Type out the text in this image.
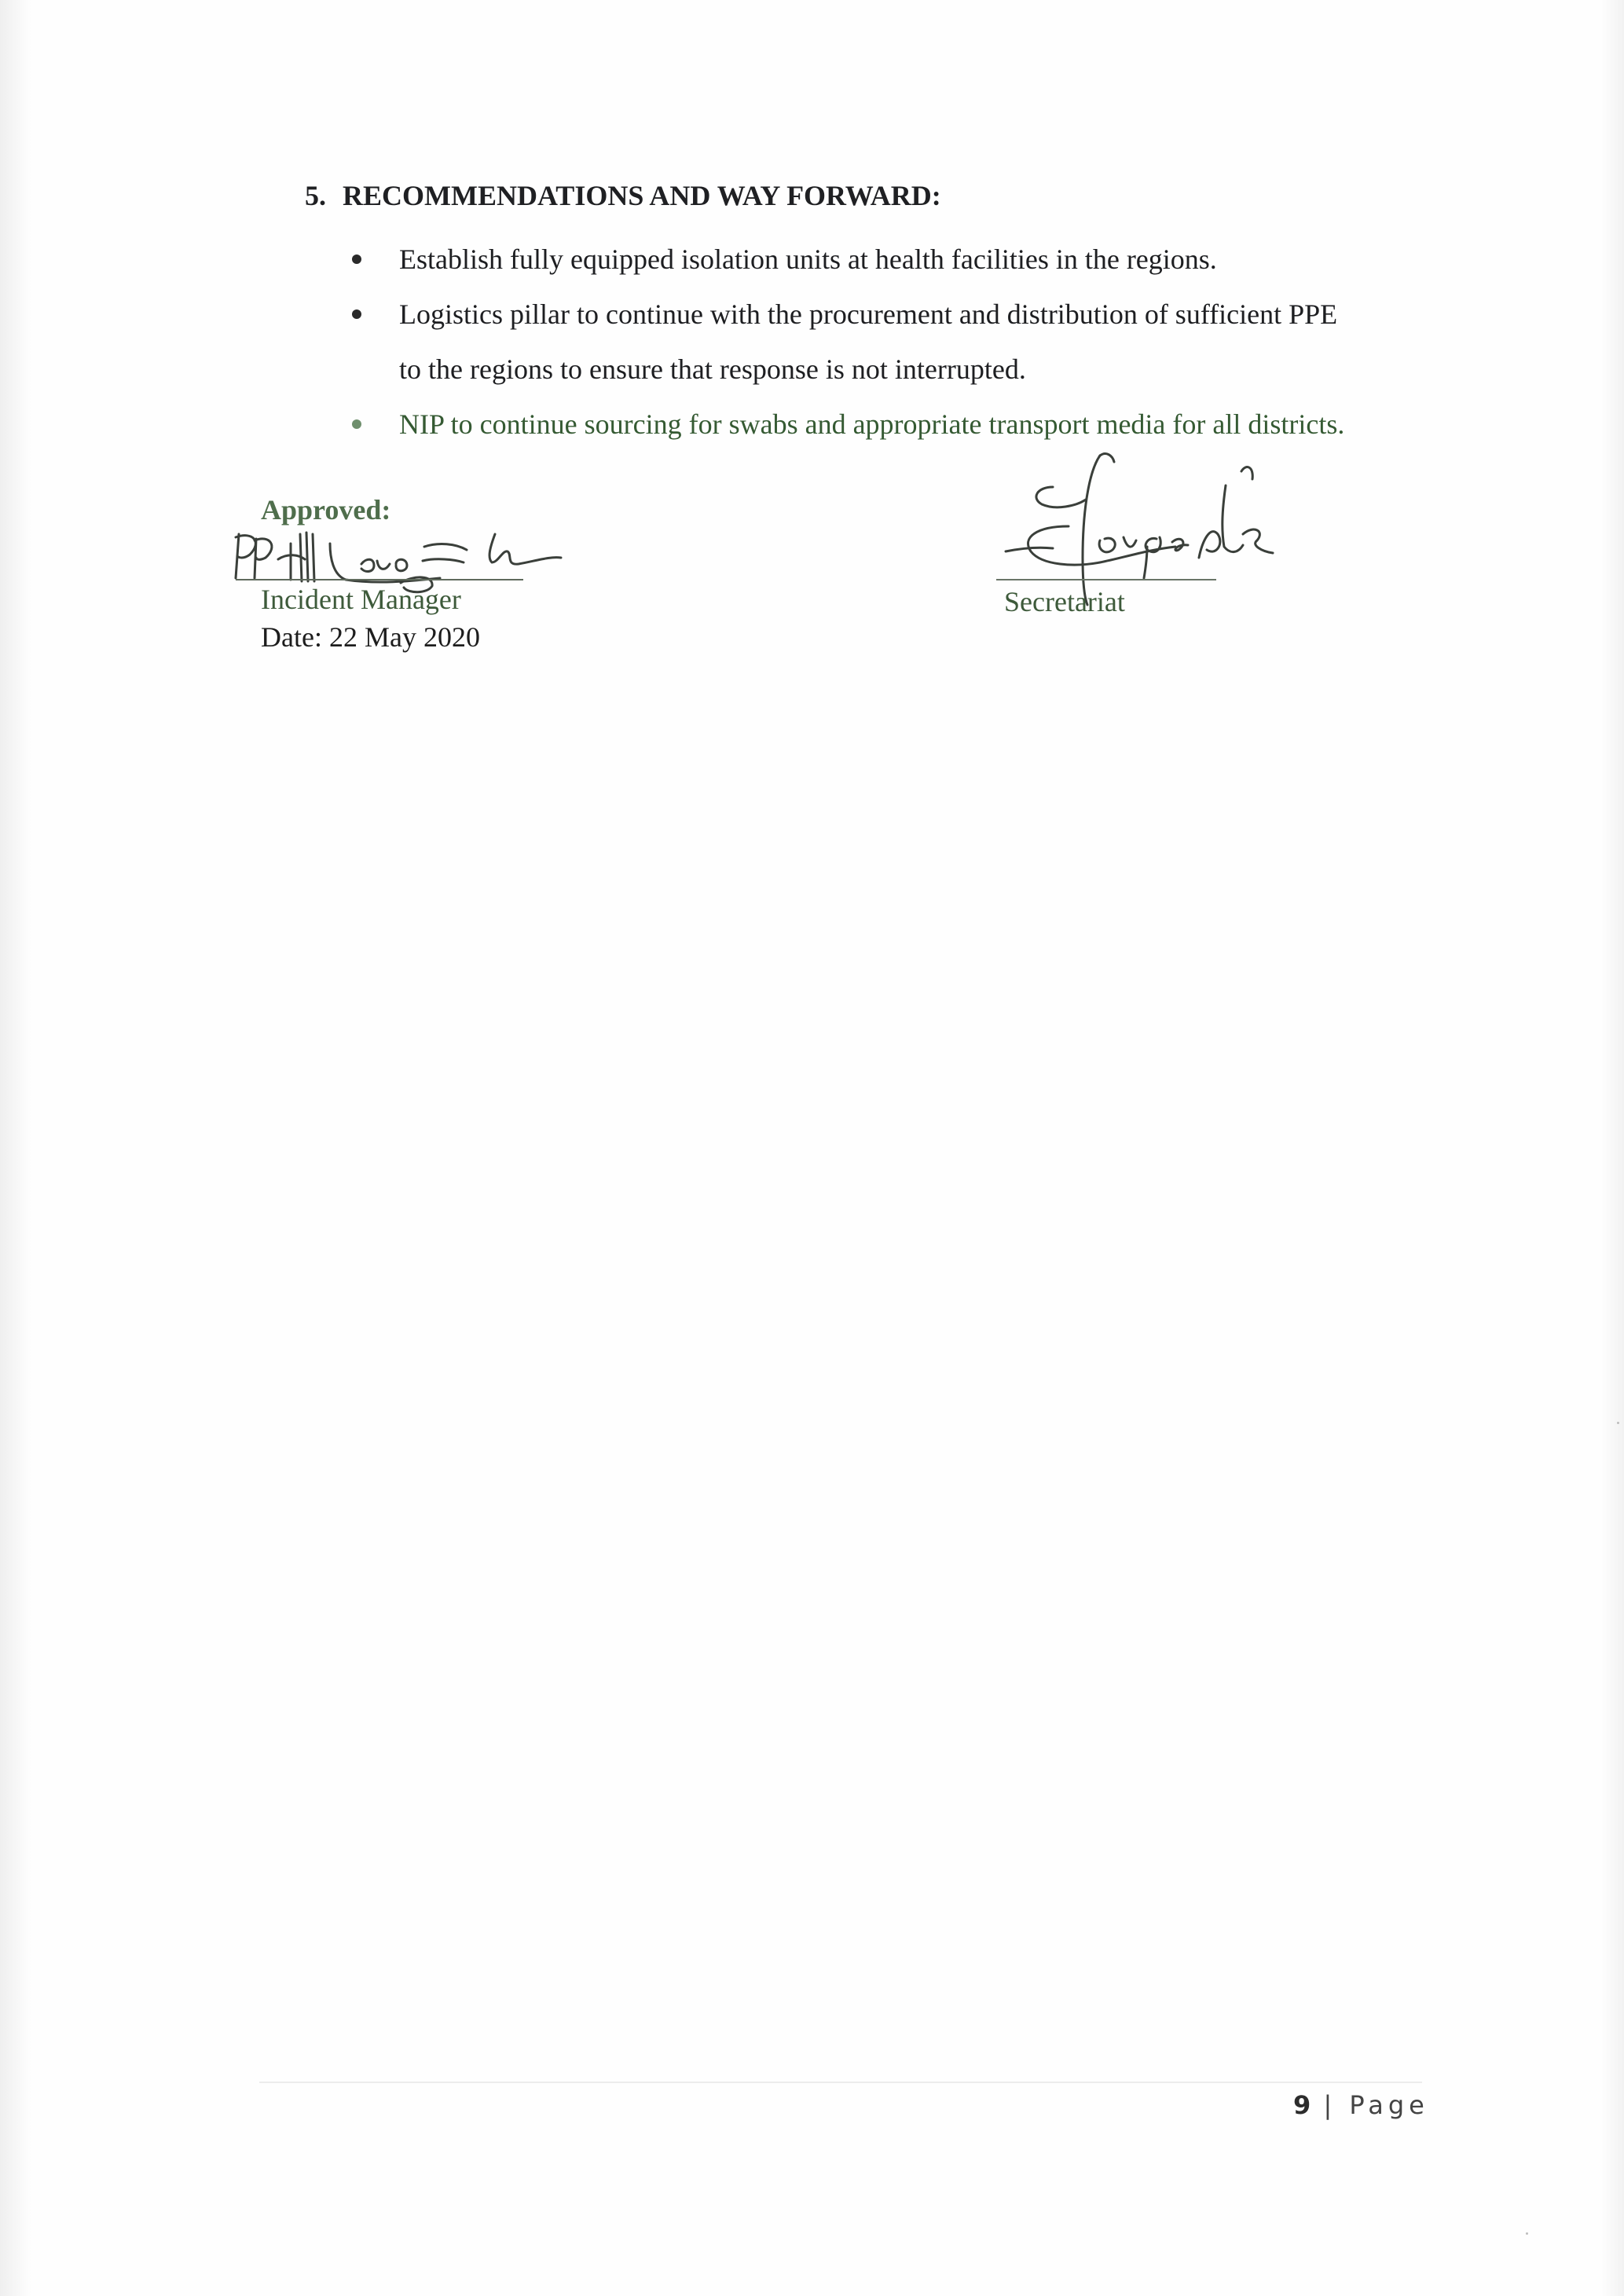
5. RECOMMENDATIONS AND WAY FORWARD:
Establish fully equipped isolation units at health facilities in the regions.
Logistics pillar to continue with the procurement and distribution of sufficient PPE
to the regions to ensure that response is not interrupted.
NIP to continue sourcing for swabs and appropriate transport media for all districts.
Approved:
Incident Manager
Date: 22 May 2020
Secretariat
9 | Page
